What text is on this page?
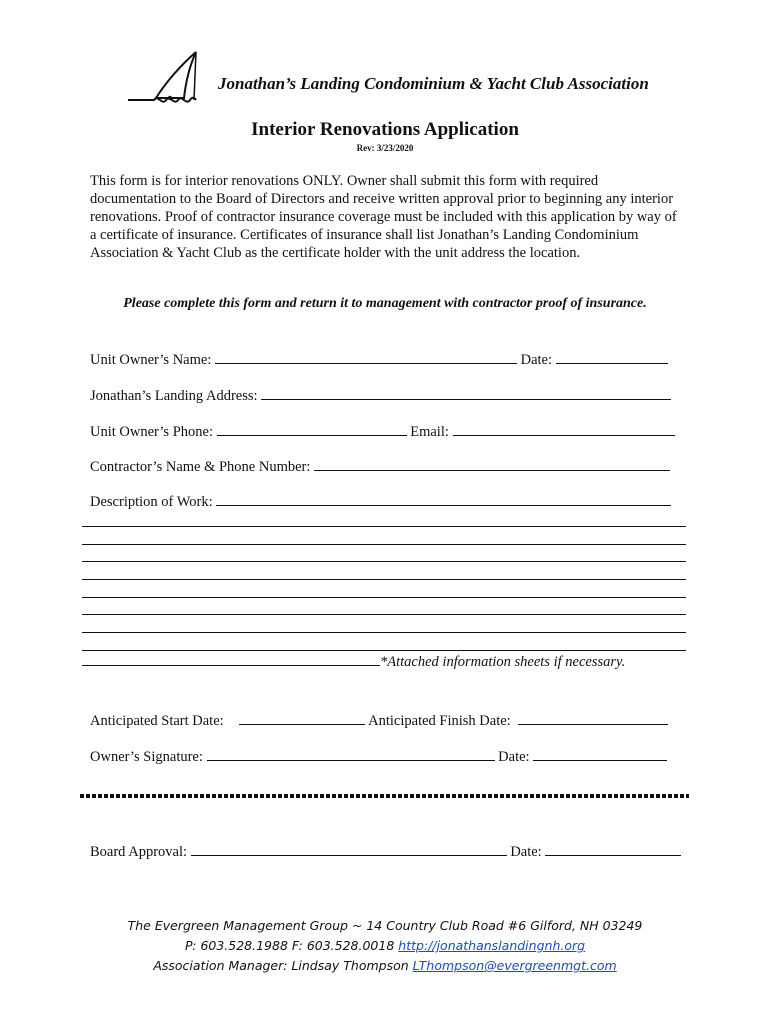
Jonathan’s Landing Condominium & Yacht Club Association
Interior Renovations Application
Rev: 3/23/2020
This form is for interior renovations ONLY. Owner shall submit this form with required documentation to the Board of Directors and receive written approval prior to beginning any interior renovations. Proof of contractor insurance coverage must be included with this application by way of a certificate of insurance. Certificates of insurance shall list Jonathan’s Landing Condominium Association & Yacht Club as the certificate holder with the unit address the location.
Please complete this form and return it to management with contractor proof of insurance.
Unit Owner’s Name:	Date:
Jonathan’s Landing Address:
Unit Owner’s Phone:	Email:
Contractor’s Name & Phone Number:
Description of Work:
*Attached information sheets if necessary.
Anticipated Start Date:	Anticipated Finish Date:
Owner’s Signature:	Date:
Board Approval:	Date:
The Evergreen Management Group ~ 14 Country Club Road #6 Gilford, NH 03249
P: 603.528.1988 F: 603.528.0018 http://jonathanslandingnh.org
Association Manager: Lindsay Thompson LThompson@evergreenmgt.com
